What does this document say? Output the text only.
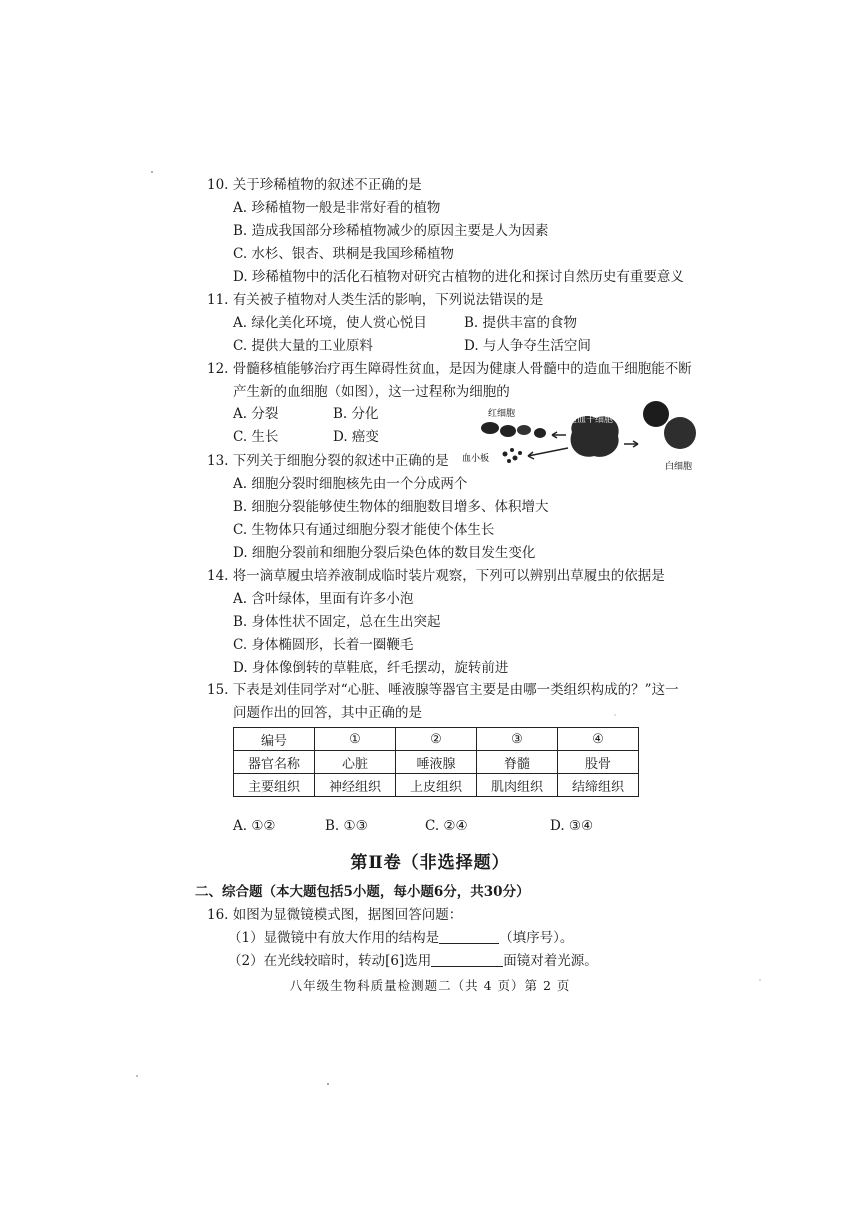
10. 关于珍稀植物的叙述不正确的是
A. 珍稀植物一般是非常好看的植物
B. 造成我国部分珍稀植物减少的原因主要是人为因素
C. 水杉、银杏、珙桐是我国珍稀植物
D. 珍稀植物中的活化石植物对研究古植物的进化和探讨自然历史有重要意义
11. 有关被子植物对人类生活的影响，下列说法错误的是
A. 绿化美化环境，使人赏心悦目	B. 提供丰富的食物
C. 提供大量的工业原料	D. 与人争夺生活空间
12. 骨髓移植能够治疗再生障碍性贫血，是因为健康人骨髓中的造血干细胞能不断
产生新的血细胞（如图），这一过程称为细胞的
A. 分裂	B. 分化
C. 生长	D. 癌变
红细胞
造血干细胞
血小板
白细胞
13. 下列关于细胞分裂的叙述中正确的是
A. 细胞分裂时细胞核先由一个分成两个
B. 细胞分裂能够使生物体的细胞数目增多、体积增大
C. 生物体只有通过细胞分裂才能使个体生长
D. 细胞分裂前和细胞分裂后染色体的数目发生变化
14. 将一滴草履虫培养液制成临时装片观察，下列可以辨别出草履虫的依据是
A. 含叶绿体，里面有许多小泡
B. 身体性状不固定，总在生出突起
C. 身体椭圆形，长着一圈鞭毛
D. 身体像倒转的草鞋底，纤毛摆动，旋转前进
15. 下表是刘佳同学对“心脏、唾液腺等器官主要是由哪一类组织构成的？”这一
问题作出的回答，其中正确的是
编号	①	②	③	④
器官名称	心脏	唾液腺	脊髓	股骨
主要组织	神经组织	上皮组织	肌肉组织	结缔组织
A. ①②	B. ①③	C. ②④	D. ③④
第Ⅱ卷（非选择题）
二、综合题（本大题包括5小题，每小题6分，共30分）
16. 如图为显微镜模式图，据图回答问题：
（1）显微镜中有放大作用的结构是	（填序号）。
（2）在光线较暗时，转动[6]选用	面镜对着光源。
八年级生物科质量检测题二（共 4 页）第 2 页
